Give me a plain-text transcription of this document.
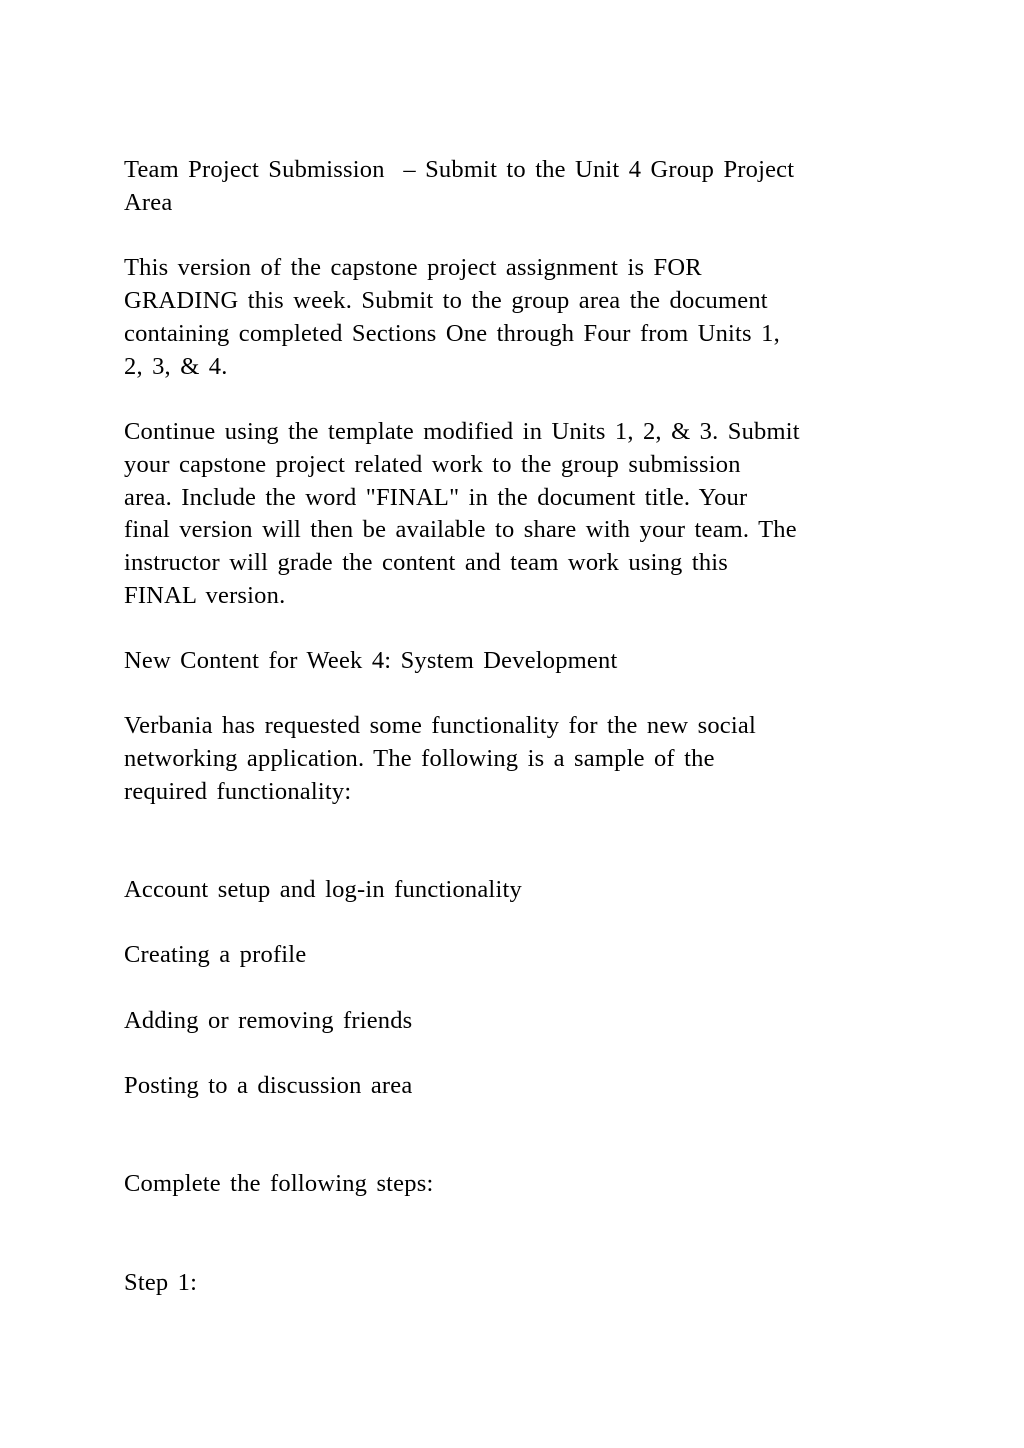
Team Project Submission  – Submit to the Unit 4 Group Project

Area

This version of the capstone project assignment is FOR

GRADING this week. Submit to the group area the document

containing completed Sections One through Four from Units 1,

2, 3, & 4.

Continue using the template modified in Units 1, 2, & 3. Submit

your capstone project related work to the group submission

area. Include the word "FINAL" in the document title. Your

final version will then be available to share with your team. The

instructor will grade the content and team work using this

FINAL version.

New Content for Week 4: System Development

Verbania has requested some functionality for the new social

networking application. The following is a sample of the

required functionality:

Account setup and log-in functionality

Creating a profile

Adding or removing friends

Posting to a discussion area

Complete the following steps:

Step 1:
